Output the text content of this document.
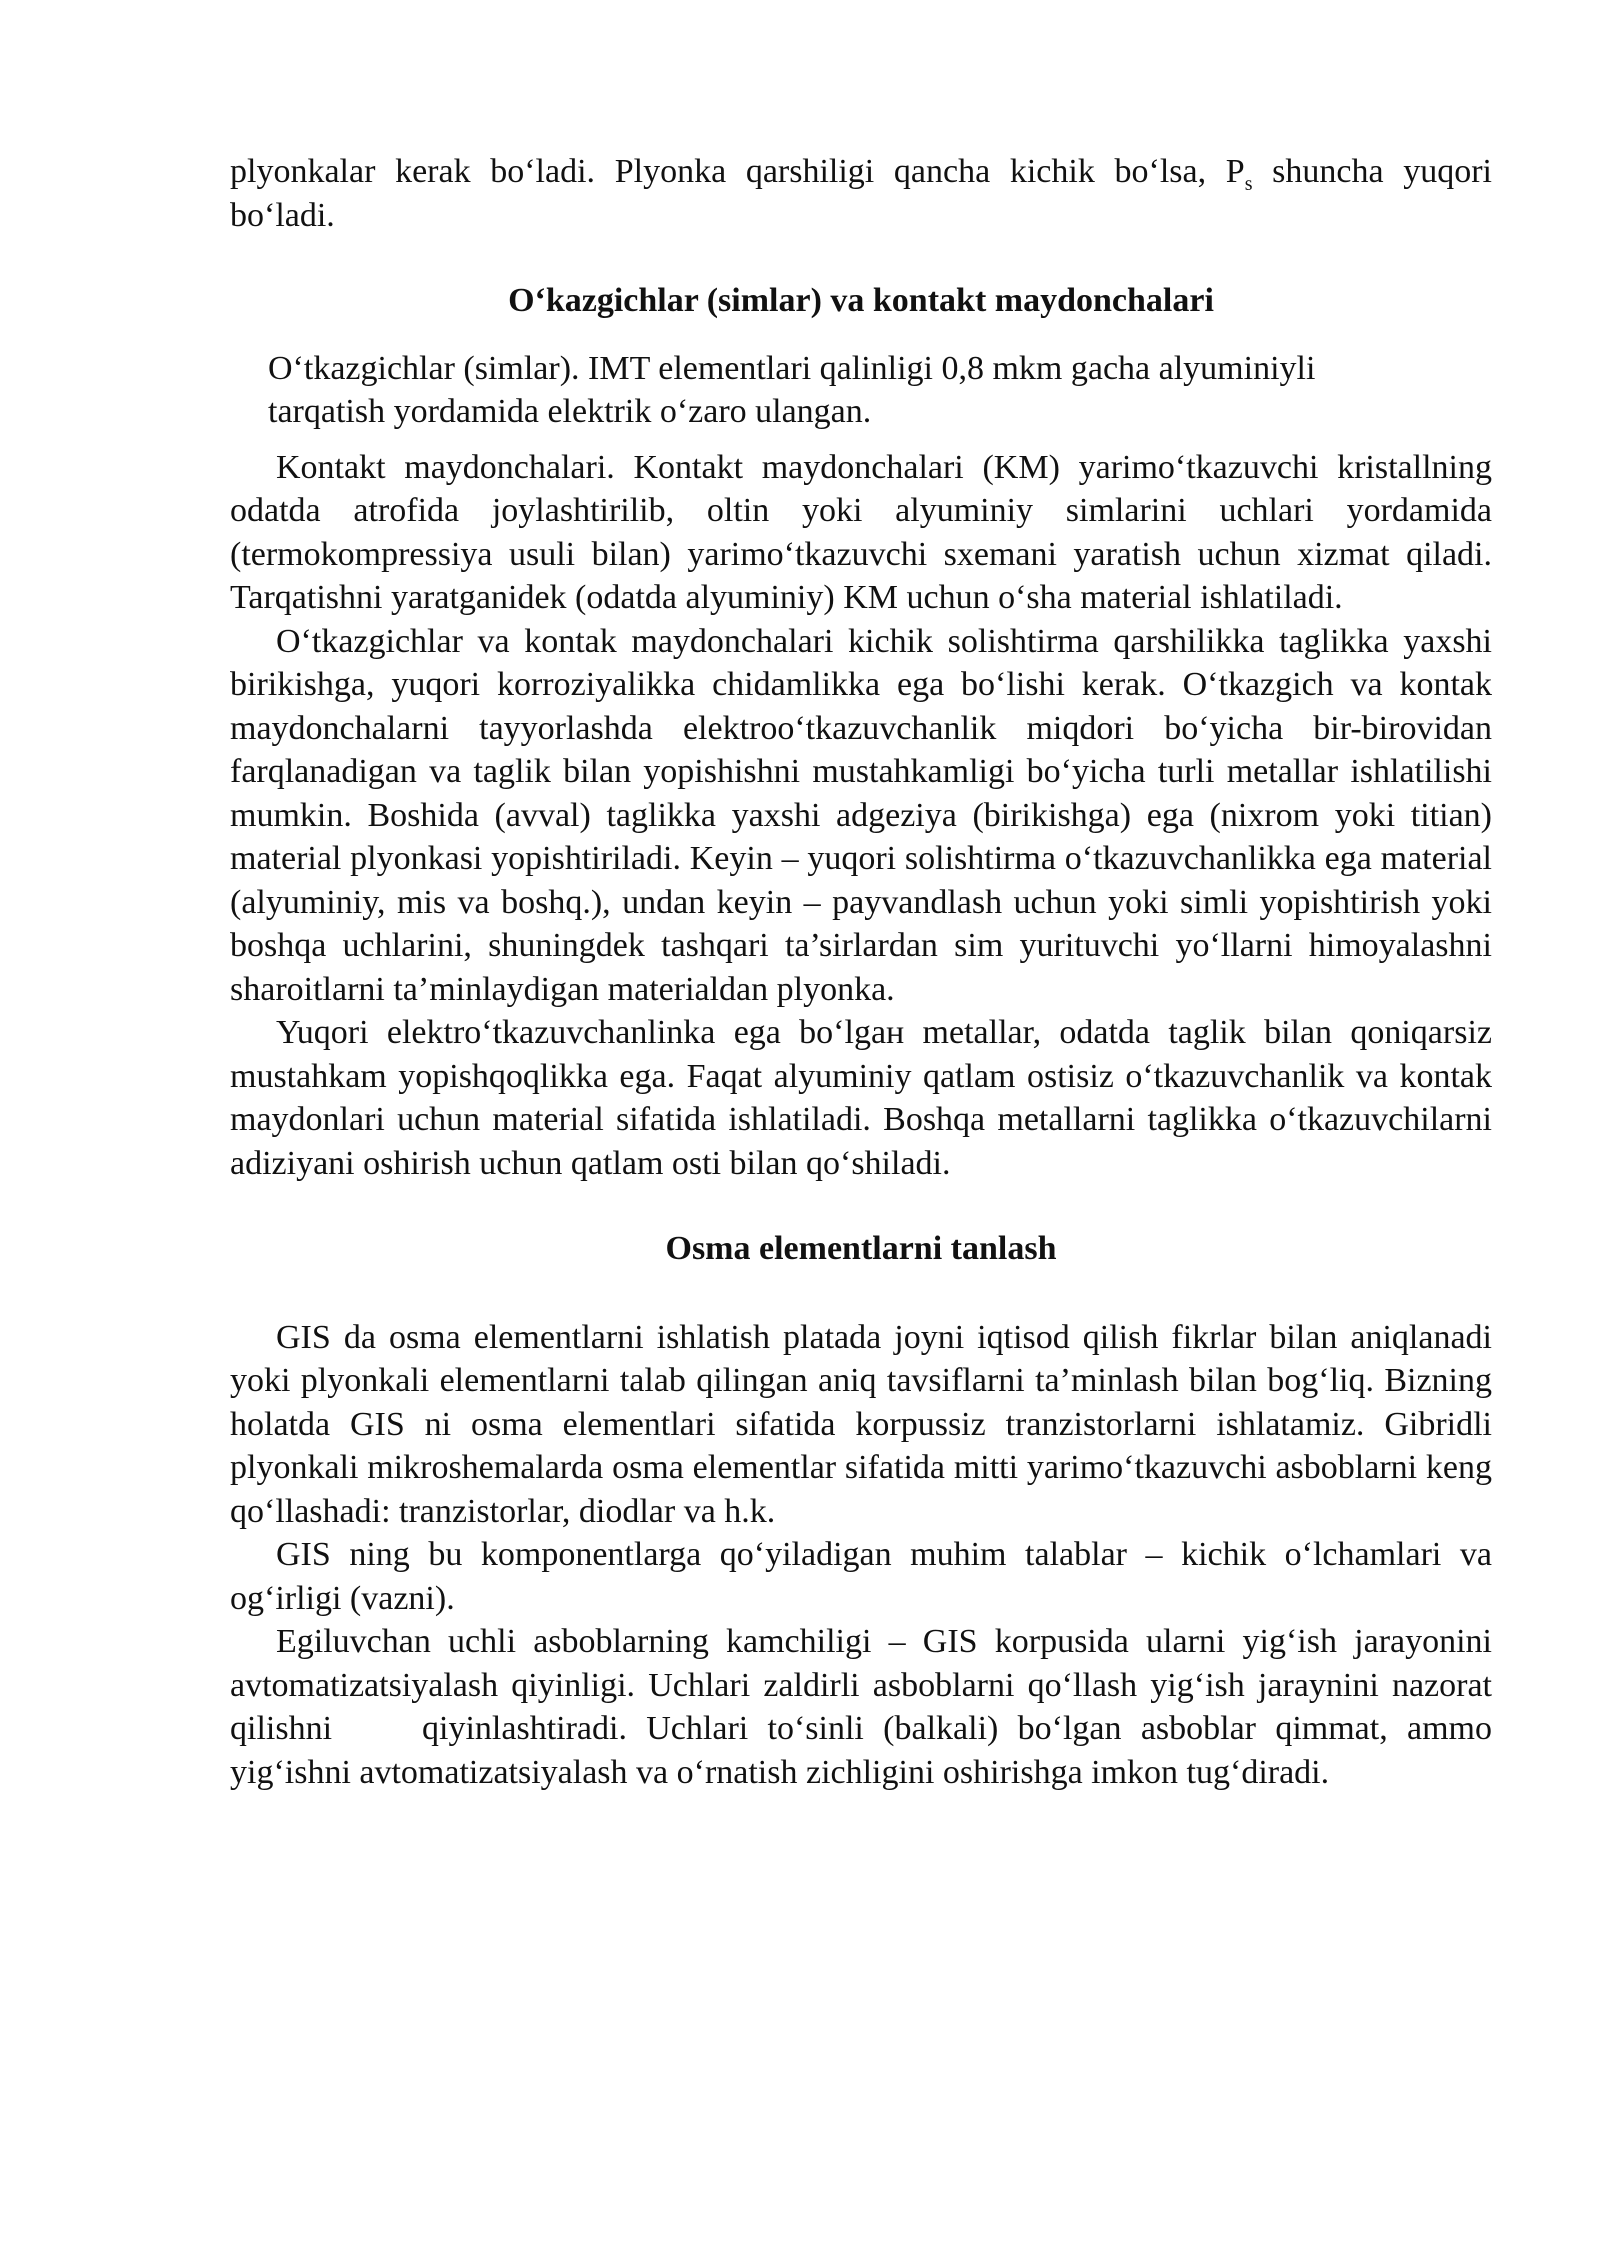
plyonkalar kerak bo‘ladi. Plyonka qarshiligi qancha kichik bo‘lsa, $P_s$ shuncha yuqori bo‘ladi.

O‘kazgichlar (simlar) va kontakt maydonchalari

O‘tkazgichlar (simlar). IMT elementlari qalinligi 0,8 mkm gacha alyuminiyli tarqatish yordamida elektrik o‘zaro ulangan.

Kontakt maydonchalari. Kontakt maydonchalari (KM) yarimo‘tkazuvchi kristallning odatda atrofida joylashtirilib, oltin yoki alyuminiy simlarini uchlari yordamida (termokompressiya usuli bilan) yarimo‘tkazuvchi sxemani yaratish uchun xizmat qiladi. Tarqatishni yaratganidek (odatda alyuminiy) KM uchun o‘sha material ishlatiladi.

O‘tkazgichlar va kontak maydonchalari kichik solishtirma qarshilikka taglikka yaxshi birikishga, yuqori korroziyalikka chidamlikka ega bo‘lishi kerak. O‘tkazgich va kontak maydonchalarni tayyorlashda elektroo‘tkazuvchanlik miqdori bo‘yicha bir-birovidan farqlanadigan va taglik bilan yopishishni mustahkamligi bo‘yicha turli metallar ishlatilishi mumkin. Boshida (avval) taglikka yaxshi adgeziya (birikishga) ega (nixrom yoki titian) material plyonkasi yopishtiriladi. Keyin – yuqori solishtirma o‘tkazuvchanlikka ega material (alyuminiy, mis va boshq.), undan keyin – payvandlash uchun yoki simli yopishtirish yoki boshqa uchlarini, shuningdek tashqari ta’sirlardan sim yurituvchi yo‘llarni himoyalashni sharoitlarni ta’minlaydigan materialdan plyonka.

Yuqori elektro‘tkazuvchanlinka ega bo‘lgaн metallar, odatda taglik bilan qoniqarsiz mustahkam yopishqoqlikka ega. Faqat alyuminiy qatlam ostisiz o‘tkazuvchanlik va kontak maydonlari uchun material sifatida ishlatiladi. Boshqa metallarni taglikka o‘tkazuvchilarni adiziyani oshirish uchun qatlam osti bilan qo‘shiladi.

Osma elementlarni tanlash

GIS da osma elementlarni ishlatish platada joyni iqtisod qilish fikrlar bilan aniqlanadi yoki plyonkali elementlarni talab qilingan aniq tavsiflarni ta’minlash bilan bog‘liq. Bizning holatda GIS ni osma elementlari sifatida korpussiz tranzistorlarni ishlatamiz. Gibridli plyonkali mikroshemalarda osma elementlar sifatida mitti yarimo‘tkazuvchi asboblarni keng qo‘llashadi: tranzistorlar, diodlar va h.k.

GIS ning bu komponentlarga qo‘yiladigan muhim talablar – kichik o‘lchamlari va og‘irligi (vazni).

Egiluvchan uchli asboblarning kamchiligi – GIS korpusida ularni yig‘ish jarayonini avtomatizatsiyalash qiyinligi. Uchlari zaldirli asboblarni qo‘llash yig‘ish jaraynini nazorat qilishni	qiyinlashtiradi. Uchlari to‘sinli (balkali) bo‘lgan asboblar qimmat, ammo yig‘ishni avtomatizatsiyalash va o‘rnatish zichligini oshirishga imkon tug‘diradi.
